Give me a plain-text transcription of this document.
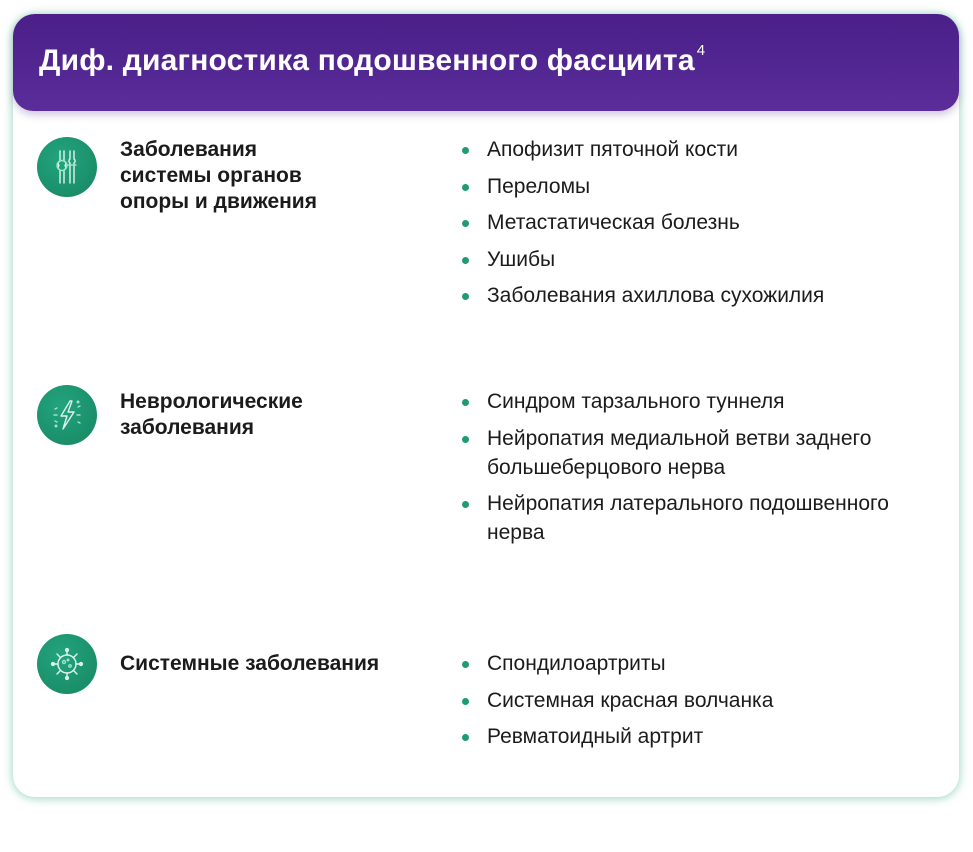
Диф. диагностика подошвенного фасциита $^4$

Заболевания
системы органов
опоры и движения

Апофизит пяточной кости
Переломы
Метастатическая болезнь
Ушибы
Заболевания ахиллова сухожилия

Неврологические
заболевания

Синдром тарзального туннеля
Нейропатия медиальной ветви заднего большеберцового нерва
Нейропатия латерального подошвенного нерва

Системные заболевания	Спондилоартриты
Системная красная волчанка
Ревматоидный артрит
